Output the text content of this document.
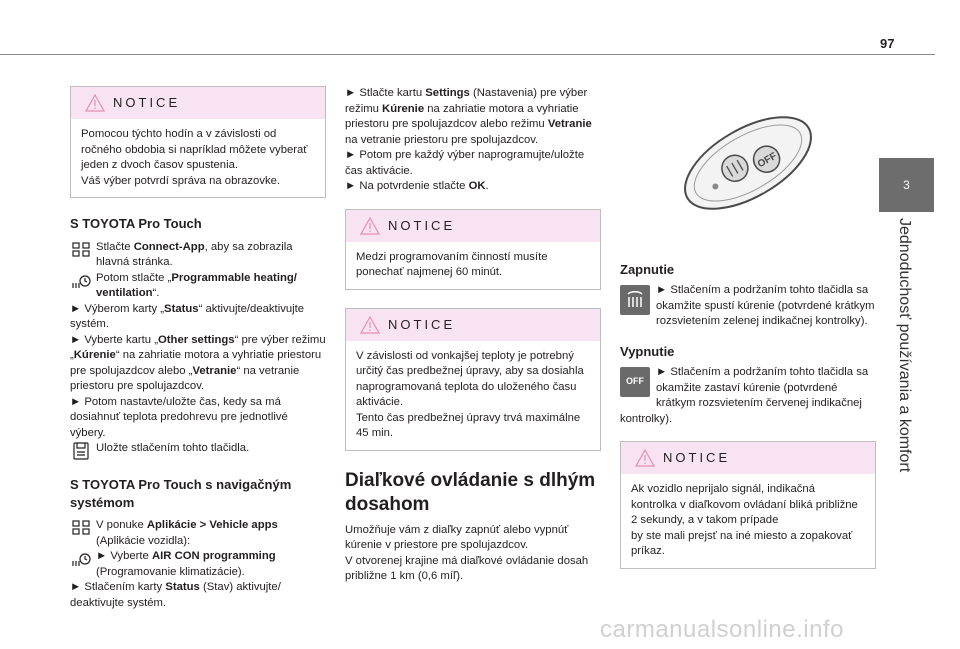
97
3
Jednoduchosť používania a komfort
NOTICE
Pomocou týchto hodín a v závislosti od
ročného obdobia si napríklad môžete vyberať
jeden z dvoch časov spustenia.
Váš výber potvrdí správa na obrazovke.

S TOYOTA Pro Touch

Stlačte Connect-App, aby sa zobrazila hlavná stránka.

Potom stlačte „Programmable heating/ ventilation“.

► Výberom karty „Status“ aktivujte/deaktivujte systém.

► Vyberte kartu „Other settings“ pre výber režimu „Kúrenie“ na zahriatie motora a vyhriatie priestoru pre spolujazdcov alebo „Vetranie“ na vetranie priestoru pre spolujazdcov.

► Potom nastavte/uložte čas, kedy sa má dosiahnuť teplota predohrevu pre jednotlivé výbery.

Uložte stlačením tohto tlačidla.

S TOYOTA Pro Touch s navigačným systémom

V ponuke Aplikácie > Vehicle apps (Aplikácie vozidla):

► Vyberte AIR CON programming (Programovanie klimatizácie).

► Stlačením karty Status (Stav) aktivujte/ deaktivujte systém.

► Stlačte kartu Settings (Nastavenia) pre výber režimu Kúrenie na zahriatie motora a vyhriatie priestoru pre spolujazdcov alebo režimu Vetranie na vetranie priestoru pre spolujazdcov.

► Potom pre každý výber naprogramujte/uložte čas aktivácie.

► Na potvrdenie stlačte OK.

NOTICE
Medzi programovaním činností musíte ponechať najmenej 60 minút.
NOTICE
V závislosti od vonkajšej teploty je potrebný
určitý čas predbežnej úpravy, aby sa dosiahla
naprogramovaná teplota do uloženého času
aktivácie.
Tento čas predbežnej úpravy trvá maximálne
45 min.

Diaľkové ovládanie s dlhým dosahom

Umožňuje vám z diaľky zapnúť alebo vypnúť kúrenie v priestore pre spolujazdcov.

V otvorenej krajine má diaľkové ovládanie dosah približne 1 km (0,6 míľ).

OFF

Zapnutie

► Stlačením a podržaním tohto tlačidla sa okamžite spustí kúrenie (potvrdené krátkym rozsvietením zelenej indikačnej kontrolky).

Vypnutie

OFF

► Stlačením a podržaním tohto tlačidla sa okamžite zastaví kúrenie (potvrdené krátkym rozsvietením červenej indikačnej kontrolky).

NOTICE
Ak vozidlo neprijalo signál, indikačná
kontrolka v diaľkovom ovládaní bliká približne
2 sekundy, a v takom prípade
by ste mali prejsť na iné miesto a zopakovať
príkaz.
carmanualsonline.info
